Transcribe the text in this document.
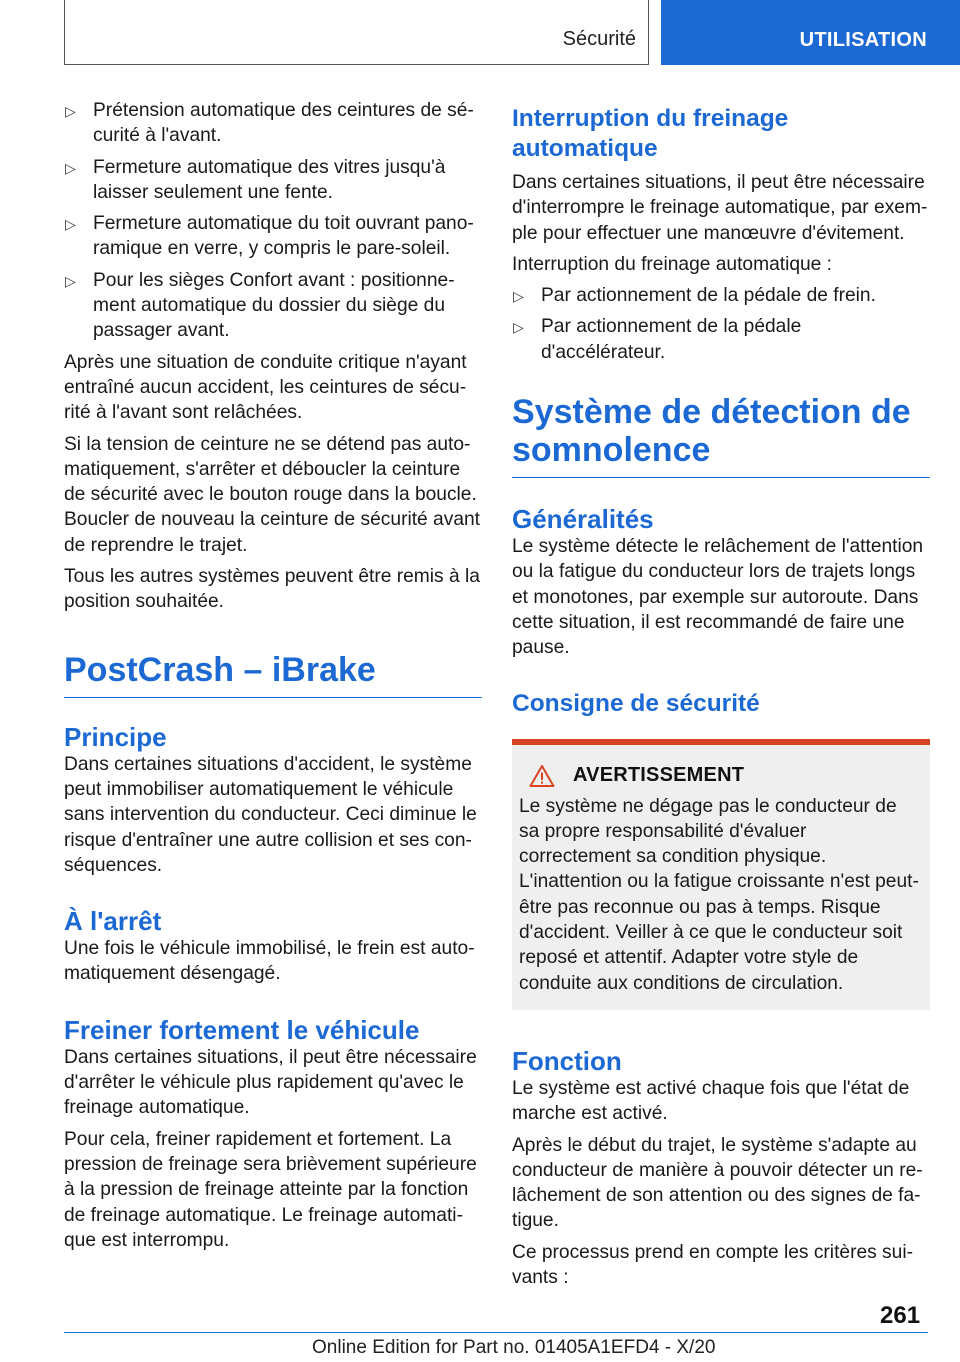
Sécurité	UTILISATION
▷ Prétension automatique des ceintures de sécurité à l'avant.
▷ Fermeture automatique des vitres jusqu'à laisser seulement une fente.
▷ Fermeture automatique du toit ouvrant panoramique en verre, y compris le pare-soleil.
▷ Pour les sièges Confort avant : positionnement automatique du dossier du siège du passager avant.

Après une situation de conduite critique n'ayant entraîné aucun accident, les ceintures de sécurité à l'avant sont relâchées.

Si la tension de ceinture ne se détend pas automatiquement, s'arrêter et déboucler la ceinture de sécurité avec le bouton rouge dans la boucle. Boucler de nouveau la ceinture de sécurité avant de reprendre le trajet.

Tous les autres systèmes peuvent être remis à la position souhaitée.

PostCrash – iBrake
Principe

Dans certaines situations d'accident, le système peut immobiliser automatiquement le véhicule sans intervention du conducteur. Ceci diminue le risque d'entraîner une autre collision et ses conséquences.

À l'arrêt

Une fois le véhicule immobilisé, le frein est automatiquement désengagé.

Freiner fortement le véhicule

Dans certaines situations, il peut être nécessaire d'arrêter le véhicule plus rapidement qu'avec le freinage automatique.

Pour cela, freiner rapidement et fortement. La pression de freinage sera brièvement supérieure à la pression de freinage atteinte par la fonction de freinage automatique. Le freinage automatique est interrompu.

Interruption du freinage automatique

Dans certaines situations, il peut être nécessaire d'interrompre le freinage automatique, par exemple pour effectuer une manœuvre d'évitement.

Interruption du freinage automatique :

▷ Par actionnement de la pédale de frein.
▷ Par actionnement de la pédale d'accélérateur.
Système de détection de somnolence
Généralités

Le système détecte le relâchement de l'attention ou la fatigue du conducteur lors de trajets longs et monotones, par exemple sur autoroute. Dans cette situation, il est recommandé de faire une pause.

Consigne de sécurité
AVERTISSEMENT

Le système ne dégage pas le conducteur de sa propre responsabilité d'évaluer correctement sa condition physique. L'inattention ou la fatigue croissante n'est peut-être pas reconnue ou pas à temps. Risque d'accident. Veiller à ce que le conducteur soit reposé et attentif. Adapter votre style de conduite aux conditions de circulation.

Fonction

Le système est activé chaque fois que l'état de marche est activé.

Après le début du trajet, le système s'adapte au conducteur de manière à pouvoir détecter un relâchement de son attention ou des signes de fatigue.

Ce processus prend en compte les critères suivants :

261
Online Edition for Part no. 01405A1EFD4 - X/20
